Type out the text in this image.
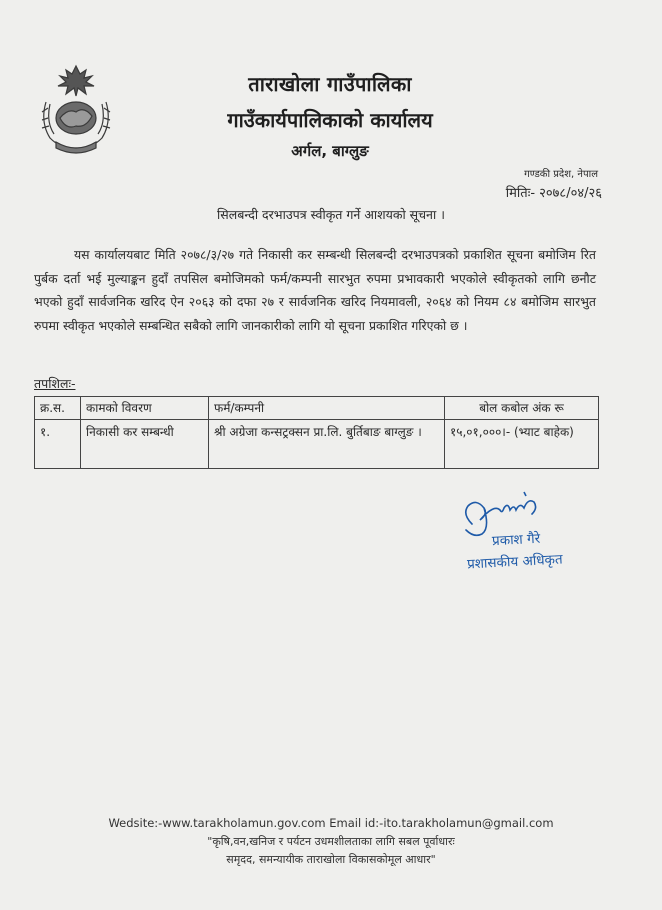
ताराखोला गाउँपालिका
गाउँकार्यपालिकाको कार्यालय
अर्गल, बाग्लुङ
गण्डकी प्रदेश, नेपाल
मितिः- २०७८/०४/२६
सिलबन्दी दरभाउपत्र स्वीकृत गर्ने आशयको सूचना ।
यस कार्यालयबाट मिति २०७८/३/२७ गते निकासी कर सम्बन्धी सिलबन्दी दरभाउपत्रको प्रकाशित सूचना बमोजिम रित पुर्बक दर्ता भई मुल्याङ्कन हुदाँ तपसिल बमोजिमको फर्म/कम्पनी सारभुत रुपमा प्रभावकारी भएकोले स्वीकृतको लागि छनौट भएको हुदाँ सार्वजनिक खरिद ऐन २०६३ को दफा २७ र सार्वजनिक खरिद नियमावली, २०६४ को नियम ८४ बमोजिम सारभुत रुपमा स्वीकृत भएकोले सम्बन्धित सबैको लागि जानकारीको लागि यो सूचना प्रकाशित गरिएको छ ।
तपशिलः-
क्र.स.	कामको विवरण	फर्म/कम्पनी	बोल कबोल अंक रू
१.	निकासी कर सम्बन्धी	श्री अग्रेजा कन्सट्रक्सन प्रा.लि. बुर्तिबाङ बाग्लुङ ।	१५,०१,०००।- (भ्याट बाहेक)
प्रकाश गैरे
प्रशासकीय अधिकृत
Wedsite:-www.tarakholamun.gov.com Email id:-ito.tarakholamun@gmail.com
"कृषि,वन,खनिज र पर्यटन उधमशीलताका लागि सबल पूर्वाधारः
समृदद, समन्यायीक ताराखोला विकासकोमूल आधार"
